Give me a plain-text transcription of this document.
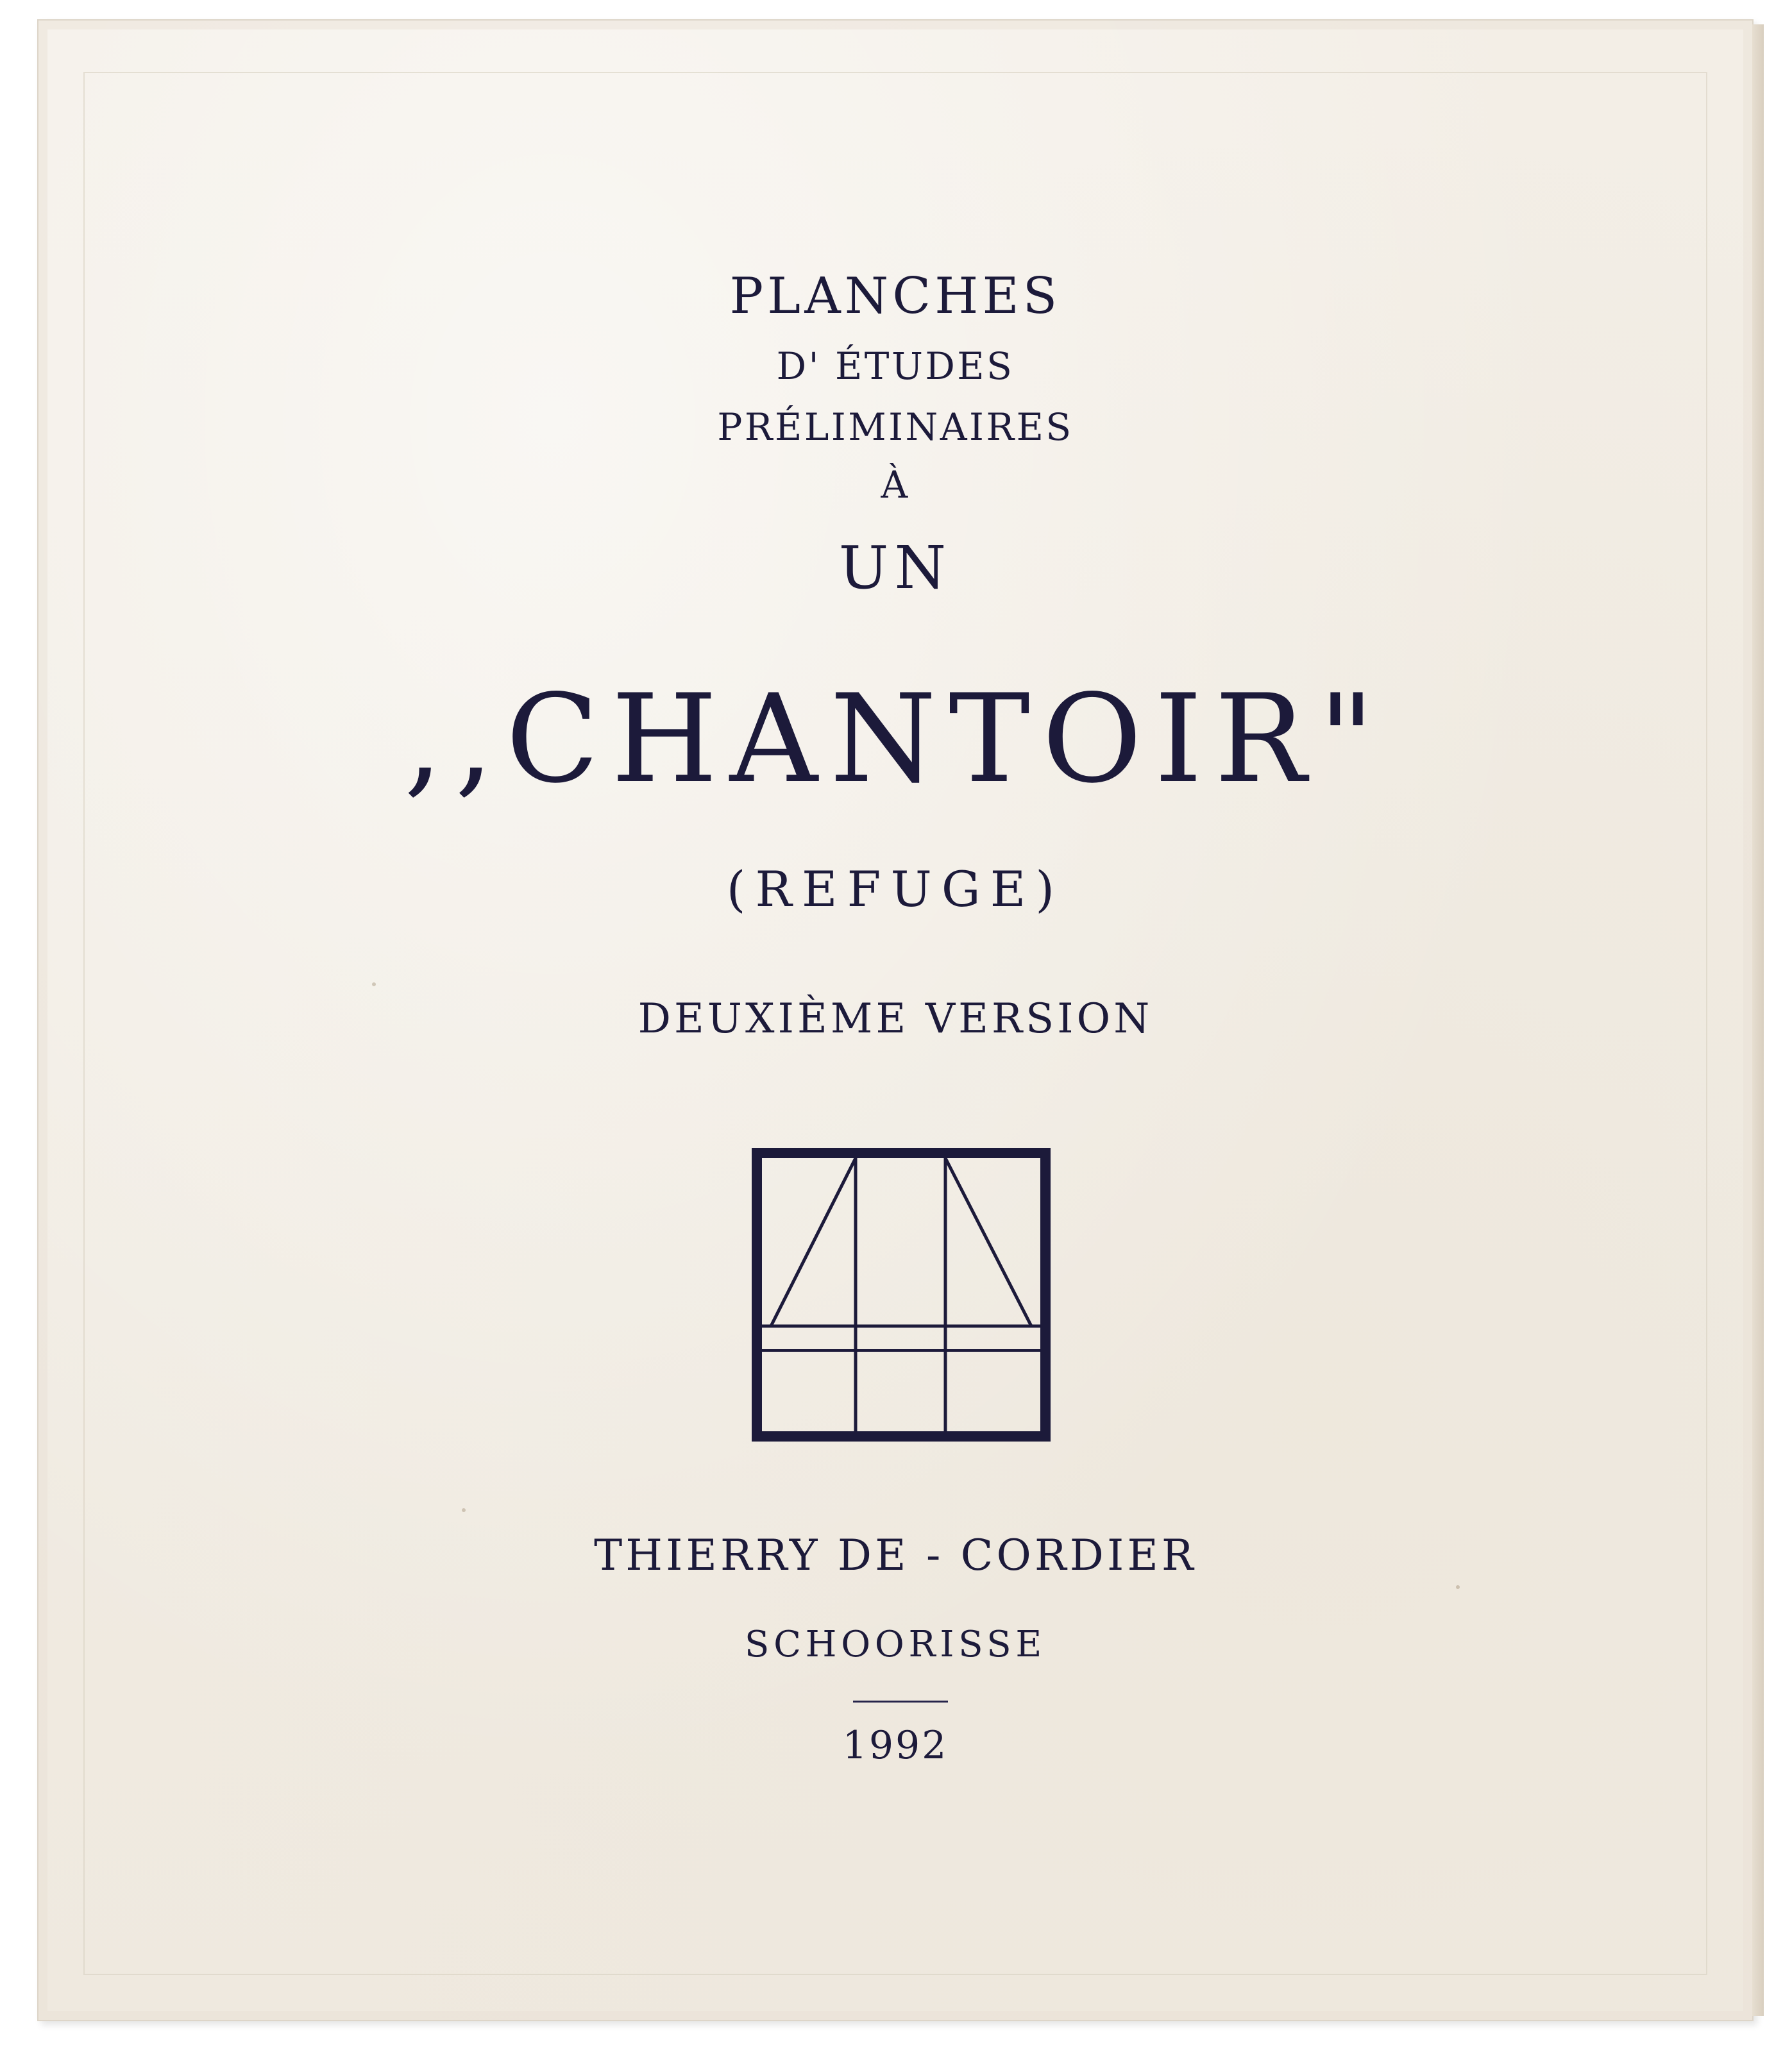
PLANCHES
D' ÉTUDES
PRÉLIMINAIRES
À
UN
,,CHANTOIR"
(REFUGE)
DEUXIÈME VERSION
THIERRY DE - CORDIER
SCHOORISSE
1992
